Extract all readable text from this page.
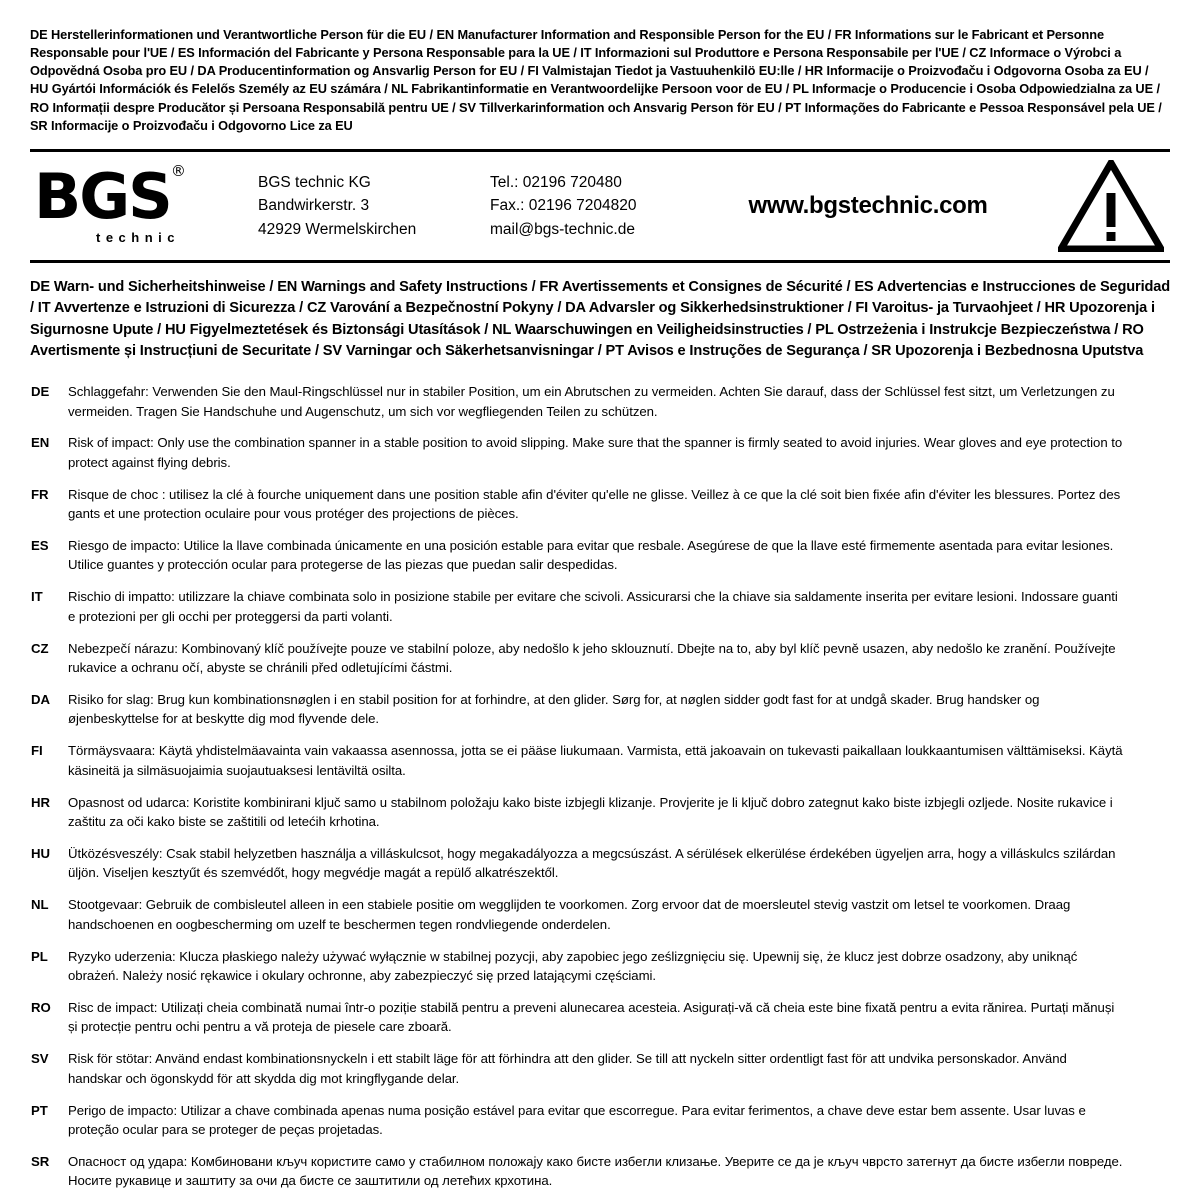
DE Herstellerinformationen und Verantwortliche Person für die EU / EN Manufacturer Information and Responsible Person for the EU / FR Informations sur le Fabricant et Personne Responsable pour l'UE / ES Información del Fabricante y Persona Responsable para la UE / IT Informazioni sul Produttore e Persona Responsabile per l'UE / CZ Informace o Výrobci a Odpovědná Osoba pro EU / DA Producentinformation og Ansvarlig Person for EU / FI Valmistajan Tiedot ja Vastuuhenkilö EU:lle / HR Informacije o Proizvođaču i Odgovorna Osoba za EU / HU Gyártói Információk és Felelős Személy az EU számára / NL Fabrikantinformatie en Verantwoordelijke Persoon voor de EU / PL Informacje o Producencie i Osoba Odpowiedzialna za UE / RO Informații despre Producător și Persoana Responsabilă pentru UE / SV Tillverkarinformation och Ansvarig Person för EU / PT Informações do Fabricante e Pessoa Responsável pela UE / SR Informacije o Proizvođaču i Odgovorno Lice za EU
BGS ®
technic
BGS technic KG
Bandwirkerstr. 3
42929 Wermelskirchen
Tel.: 02196 720480
Fax.: 02196 7204820
mail@bgs-technic.de
www.bgstechnic.com
DE Warn- und Sicherheitshinweise / EN Warnings and Safety Instructions / FR Avertissements et Consignes de Sécurité / ES Advertencias e Instrucciones de Seguridad / IT Avvertenze e Istruzioni di Sicurezza / CZ Varování a Bezpečnostní Pokyny / DA Advarsler og Sikkerhedsinstruktioner / FI Varoitus- ja Turvaohjeet / HR Upozorenja i Sigurnosne Upute / HU Figyelmeztetések és Biztonsági Utasítások / NL Waarschuwingen en Veiligheidsinstructies / PL Ostrzeżenia i Instrukcje Bezpieczeństwa / RO Avertismente și Instrucțiuni de Securitate / SV Varningar och Säkerhetsanvisningar / PT Avisos e Instruções de Segurança / SR Upozorenja i Bezbednosna Uputstva
DE	Schlaggefahr: Verwenden Sie den Maul-Ringschlüssel nur in stabiler Position, um ein Abrutschen zu vermeiden. Achten Sie darauf, dass der Schlüssel fest sitzt, um Verletzungen zu vermeiden. Tragen Sie Handschuhe und Augenschutz, um sich vor wegfliegenden Teilen zu schützen.
EN	Risk of impact: Only use the combination spanner in a stable position to avoid slipping. Make sure that the spanner is firmly seated to avoid injuries. Wear gloves and eye protection to protect against flying debris.
FR	Risque de choc : utilisez la clé à fourche uniquement dans une position stable afin d'éviter qu'elle ne glisse. Veillez à ce que la clé soit bien fixée afin d'éviter les blessures. Portez des gants et une protection oculaire pour vous protéger des projections de pièces.
ES	Riesgo de impacto: Utilice la llave combinada únicamente en una posición estable para evitar que resbale. Asegúrese de que la llave esté firmemente asentada para evitar lesiones. Utilice guantes y protección ocular para protegerse de las piezas que puedan salir despedidas.
IT	Rischio di impatto: utilizzare la chiave combinata solo in posizione stabile per evitare che scivoli. Assicurarsi che la chiave sia saldamente inserita per evitare lesioni. Indossare guanti e protezioni per gli occhi per proteggersi da parti volanti.
CZ	Nebezpečí nárazu: Kombinovaný klíč používejte pouze ve stabilní poloze, aby nedošlo k jeho sklouznutí. Dbejte na to, aby byl klíč pevně usazen, aby nedošlo ke zranění. Používejte rukavice a ochranu očí, abyste se chránili před odletujícími částmi.
DA	Risiko for slag: Brug kun kombinationsnøglen i en stabil position for at forhindre, at den glider. Sørg for, at nøglen sidder godt fast for at undgå skader. Brug handsker og øjenbeskyttelse for at beskytte dig mod flyvende dele.
FI	Törmäysvaara: Käytä yhdistelmäavainta vain vakaassa asennossa, jotta se ei pääse liukumaan. Varmista, että jakoavain on tukevasti paikallaan loukkaantumisen välttämiseksi. Käytä käsineitä ja silmäsuojaimia suojautuaksesi lentäviltä osilta.
HR	Opasnost od udarca: Koristite kombinirani ključ samo u stabilnom položaju kako biste izbjegli klizanje. Provjerite je li ključ dobro zategnut kako biste izbjegli ozljede. Nosite rukavice i zaštitu za oči kako biste se zaštitili od letećih krhotina.
HU	Ütközésveszély: Csak stabil helyzetben használja a villáskulcsot, hogy megakadályozza a megcsúszást. A sérülések elkerülése érdekében ügyeljen arra, hogy a villáskulcs szilárdan üljön. Viseljen kesztyűt és szemvédőt, hogy megvédje magát a repülő alkatrészektől.
NL	Stootgevaar: Gebruik de combisleutel alleen in een stabiele positie om wegglijden te voorkomen. Zorg ervoor dat de moersleutel stevig vastzit om letsel te voorkomen. Draag handschoenen en oogbescherming om uzelf te beschermen tegen rondvliegende onderdelen.
PL	Ryzyko uderzenia: Klucza płaskiego należy używać wyłącznie w stabilnej pozycji, aby zapobiec jego ześlizgnięciu się. Upewnij się, że klucz jest dobrze osadzony, aby uniknąć obrażeń. Należy nosić rękawice i okulary ochronne, aby zabezpieczyć się przed latającymi częściami.
RO	Risc de impact: Utilizați cheia combinată numai într-o poziție stabilă pentru a preveni alunecarea acesteia. Asigurați-vă că cheia este bine fixată pentru a evita rănirea. Purtați mănuși și protecție pentru ochi pentru a vă proteja de piesele care zboară.
SV	Risk för stötar: Använd endast kombinationsnyckeln i ett stabilt läge för att förhindra att den glider. Se till att nyckeln sitter ordentligt fast för att undvika personskador. Använd handskar och ögonskydd för att skydda dig mot kringflygande delar.
PT	Perigo de impacto: Utilizar a chave combinada apenas numa posição estável para evitar que escorregue. Para evitar ferimentos, a chave deve estar bem assente. Usar luvas e proteção ocular para se proteger de peças projetadas.
SR	Опасност од удара: Комбиновани кључ користите само у стабилном положају како бисте избегли клизање. Уверите се да је кључ чврсто затегнут да бисте избегли повреде. Носите рукавице и заштиту за очи да бисте се заштитили од летећих крхотина.
